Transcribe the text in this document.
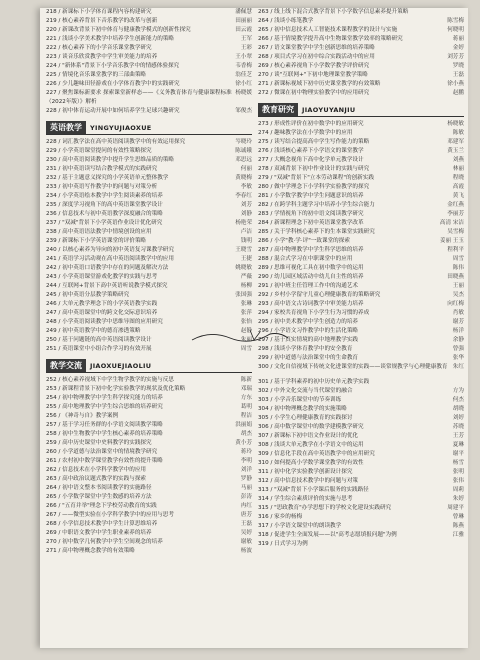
218 / 新课标下小学体育课程内容构建研究	潘佩慧
219 / 核心素养背景下音乐教学的改革与创新	田丽丽
220 / 新课改背景下初中体育与健康教学模式的创新性探究	田云霞
221 / 浅谈小学美术教学中培养学生创新能力的策略	王军
222 / 核心素养下的小学音乐课堂教学研究	王彩
223 / 谈音乐欣赏教学中学生审美能力的培养	王小翠
224 / "新体系"背景下小学音乐教学中的情感体验探究	韦香梅
225 / 情境化音乐课堂教学的三部曲策略	翁佳芝
226 / 少儿趣味田径游戏在小学体育教学中的实践研究	徐小红
227 / 聚焦课标新要求 探索课堂新样态——《义务教育体育与健康课程标准 杨晓媛
（2022年版）》解析
228 / 初中体育运动开展中如何培养学生足球兴趣研究	邹俊杰
英语教学	YINGYUJIAOXUE
228 / 词汇教学法在高中英语阅读教学中的有效运用探究	岑晓玲
229 / 小学英语课堂提问的有效性策略探究	陈诚娥
230 / 高中英语阅读教学中提升学生思维品质的策略	邓思远
231 / 初中英语读写结合教学模式的实践研究	何丽
232 / 基于主题意义探究的小学英语单元整体教学	黄晓梅
233 / 初中英语写作教学中的问题与对策分析	李敏
234 / 小学英语绘本教学中学生阅读素养的培养	李春红
235 / 深度学习视角下的高中英语课堂教学设计	刘芳
236 / 信息技术与初中英语教学深度融合的策略	刘静
237 / "双减"背景下小学英语作业设计优化研究	杨艳荣
238 / 高中英语语法教学中情境创设的应用	卢洁
239 / 新课标下小学英语课堂的评价策略	钱明
240 / 以核心素养为导向的初中英语复习课教学研究	王晓雪
241 / 英语学习活动观在高中英语阅读教学中的应用	王捷
242 / 初中英语口语教学中存在的问题及解决方法	姚晓敏
243 / 小学英语课堂游戏化教学的实践与思考	严薇
244 / 互联网+背景下高中英语听说教学模式探究	杨柳
245 / 初中英语分层教学策略研究	张国强
246 / 大单元教学理念下的小学英语教学实践	张琳
247 / 高中英语课堂中的跨文化交际意识培养	张萍
248 / 小学英语阅读教学中思维导图的应用研究	张怡
249 / 初中英语教学中的德育渗透策略	赵静
250 / 基于问题链的高中英语阅读教学设计	朱丽
251 / 英语课堂中小组合作学习的有效开展	周雪
教学交流	JIAOXUEJIAOLIU
252 / 核心素养视域下中学生物学教学的实施与反思	陈新
253 / 新课程背景下初中化学实验教学的现状及优化策略	邓瑞
254 / 初中物理教学中学生科学探究能力的培养	方东
255 / 高中地理教学中学生综合思维的培养研究	葛明
256 / 《神奇与自》教学案例	程洁
257 / 基于学习任务群的小学语文阅读教学策略	洪丽娟
258 / 初中生物教学中学生核心素养的培养策略	胡杰
259 / 高中历史课堂中史料教学的实践探究	黄小芳
260 / 小学道德与法治课堂中的情境教学研究	蒋玲
261 / 农村初中数学课堂教学有效性的提升策略	李明
262 / 信息技术在小学科学教学中的应用	刘洋
263 / 高中政治议题式教学的实践与探索	罗静
264 / 初中语文整本书阅读教学的实施路径	马丽
265 / 小学数学课堂中学生数感的培养方法	彭涛
266 / "五育并举"理念下学校劳动教育的实践	冉红
267 / ——微型实验在小学科学教学中的应用与思考	唐芳
268 / 小学信息技术教学中学生计算思维培养	王磊
269 / 中职语文教学中学生职业素养的培养	吴婷
270 / 初中数学几何教学中学生空间观念的培养	谢敏
271 / 高中物理概念教学的有效策略	杨波
263 / 线上线下混合式教学背景下小学数学信息素养提升策略
264 / 浅谈小练笔教学	陈雪梅
265 / 初中信息技术人工智能技术课程教学的设计与实施	何晓明
266 / 基于情境教学提升高中生物课堂教学效率的策略研究	蒋丽
267 / 语文课堂教学中学生创新思维的培养策略	金婷
268 / 项目式学习在初中综合实践活动中的应用	刘芳芳
269 / 核心素养视角下小学数学教学评价研究	罗晓
270 / 谈"互联网+"下初中地理课堂教学策略	王磊
271 / 新课标视域下初中历史课堂教学的有效策略	徐小燕
272 / 微课在初中物理实验教学中的应用研究	赵鹏
教育研究	JIAOYUYANJIU
273 / 形成性评价在初中数学中的应用研究	杨晓敏
274 / 趣味教学法在小学数学中的应用	陈敏
275 / 读写结合提高高中学生写作能力的策略	邓建军
276 / 浅谈核心素养下小学语文的课堂教学	黄玉兰
277 / 大概念视角下高中化学单元教学设计	刘燕
278 / 双减背景下初中作业设计的实践与研究	林丽
279 / "双减"背景下"立本劳动课程"的创新实践	程晓
280 / 做中学理念下小学科学实验教学的探究	高霞
281 / 小学数学教学中学生问题意识的培养	黄飞
282 / 在跨学科主题学习中培养小学生综合能力	金红燕
283 / 学情视角下的初中语文阅读教学研究	李丽芳
284 / 新课程理念下初中英语课堂教学改革	高清 宋洁
285 / 关于学科核心素养下的生本课堂实践研究	吴雪梅
286 / 小学"教·学·评"一致课堂的探索	姜丽 王玉
287 / 高中物理教学中学生科学思维的培养	程利平
288 / 混合式学习在中职课堂中的应用	周雪
289 / 思维可视化工具在初中数学中的运用	陈伟
290 / 幼儿园区域活动中幼儿自主性的培养	田晓燕
291 / 初中班主任管理工作中的沟通艺术	王丽
292 / 乡村小学留守儿童心理健康教育的策略研究	吴杰
293 / 高中语文古诗词教学中审美能力培养	向红梅
294 / 家校共育视角下小学生行为习惯的养成	肖敏
295 / 初中美术教学中学生创造力的培养	谢芳
296 / 小学语文习作教学中的生活化策略	杨洋
297 / 基于真实情境的高中地理教学实践	余静
298 / 浅谈小学体育教学中的安全教育	曾强
299 / 初中道德与法治课堂中的生命教育	张华
300 / 文化自信视域下传统文化进课堂的实践——谈常规教学与心理健康教育 朱红
301 / 基于学科素养的初中历史单元教学实践
302 / 中外文化交流与当代课堂的融合	方为
303 / 小学音乐课堂中的节奏训练	何杰
304 / 初中物理概念教学的实施策略	胡晓
305 / 小学生心理健康教育的实践探讨	刘婷
306 / 高中数学课堂中的数学建模教学研究	苏晓
307 / 新课标下初中语文作业设计的优化	王芳
308 / 浅谈大单元教学在小学语文中的运用	夏琳
309 / 信息化手段在高中英语教学中的应用研究	谢平
310 / 如何提高小学数学课堂教学的有效性	杨雪
311 / 初中化学实验教学创新设计探究	张明
312 / 高中信息技术教学中的问题与对策	张伟
313 / "双减"背景下小学课后服务的实践路径	周莉
314 / 学生综合素质评价的实施与思考	朱婷
315 / "思政教育"办学思想下的学校文化建设实践研究	周建平
316 / 家乡的杨梅	曾琳
317 / 小学语文课堂中的朗读教学	陈燕
318 / 促进学生全面发展——以"高考志愿填报问题"为例	江雅
319 / 日式学习为例
